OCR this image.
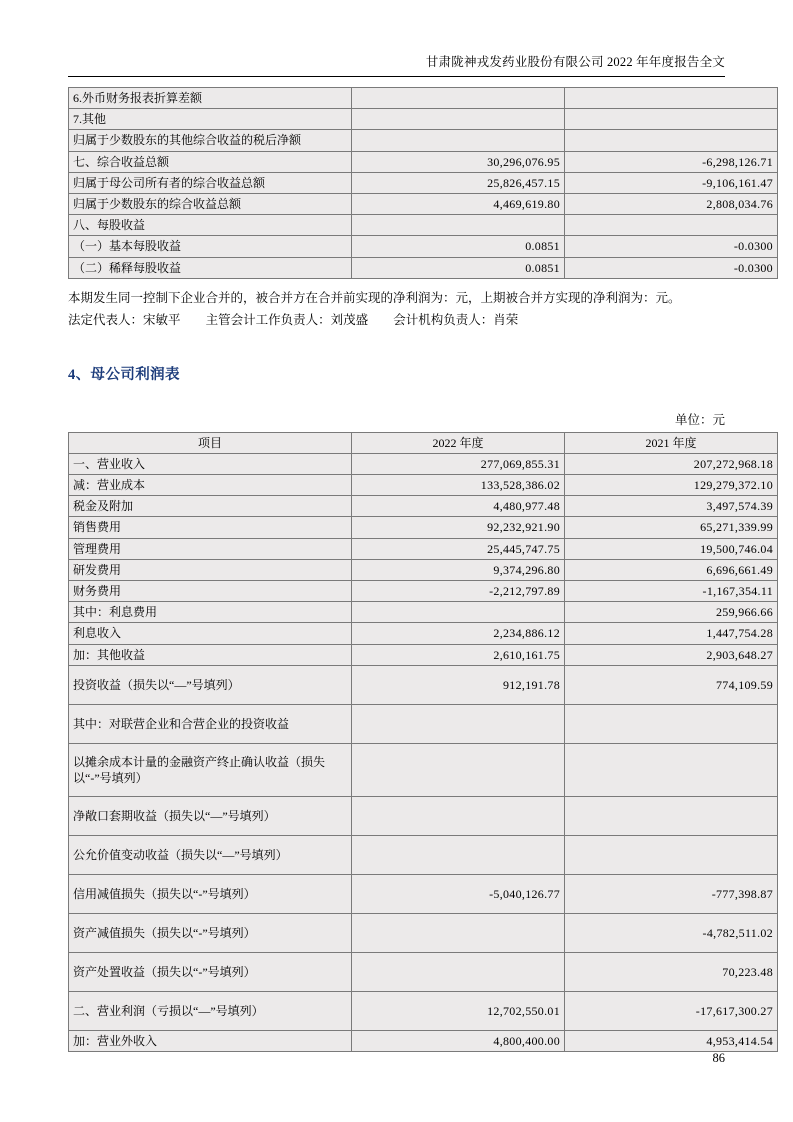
甘肃陇神戎发药业股份有限公司 2022 年年度报告全文
6.外币财务报表折算差额		
7.其他		
归属于少数股东的其他综合收益的税后净额		
七、综合收益总额	30,296,076.95	-6,298,126.71
归属于母公司所有者的综合收益总额	25,826,457.15	-9,106,161.47
归属于少数股东的综合收益总额	4,469,619.80	2,808,034.76
八、每股收益		
（一）基本每股收益	0.0851	-0.0300
（二）稀释每股收益	0.0851	-0.0300
本期发生同一控制下企业合并的，被合并方在合并前实现的净利润为：元，上期被合并方实现的净利润为：元。
法定代表人：宋敏平 主管会计工作负责人：刘茂盛 会计机构负责人：肖荣
4、母公司利润表
单位：元
项目	2022 年度	2021 年度
一、营业收入	277,069,855.31	207,272,968.18
减：营业成本	133,528,386.02	129,279,372.10
税金及附加	4,480,977.48	3,497,574.39
销售费用	92,232,921.90	65,271,339.99
管理费用	25,445,747.75	19,500,746.04
研发费用	9,374,296.80	6,696,661.49
财务费用	-2,212,797.89	-1,167,354.11
其中：利息费用		259,966.66
利息收入	2,234,886.12	1,447,754.28
加：其他收益	2,610,161.75	2,903,648.27
投资收益（损失以“—”号填列）	912,191.78	774,109.59
其中：对联营企业和合营企业的投资收益		
以摊余成本计量的金融资产终止确认收益（损失以“-”号填列）		
净敞口套期收益（损失以“—”号填列）		
公允价值变动收益（损失以“—”号填列）		
信用减值损失（损失以“-”号填列）	-5,040,126.77	-777,398.87
资产减值损失（损失以“-”号填列）		-4,782,511.02
资产处置收益（损失以“-”号填列）		70,223.48
二、营业利润（亏损以“—”号填列）	12,702,550.01	-17,617,300.27
加：营业外收入	4,800,400.00	4,953,414.54
86
